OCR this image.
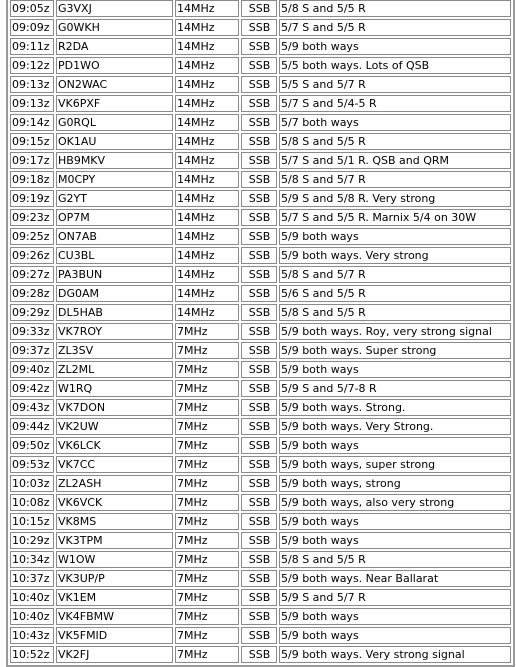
09:05z	G3VXJ	14MHz	SSB	5/8 S and 5/5 R
09:09z	G0WKH	14MHz	SSB	5/7 S and 5/5 R
09:11z	R2DA	14MHz	SSB	5/9 both ways
09:12z	PD1WO	14MHz	SSB	5/5 both ways. Lots of QSB
09:13z	ON2WAC	14MHz	SSB	5/5 S and 5/7 R
09:13z	VK6PXF	14MHz	SSB	5/7 S and 5/4-5 R
09:14z	G0RQL	14MHz	SSB	5/7 both ways
09:15z	OK1AU	14MHz	SSB	5/8 S and 5/5 R
09:17z	HB9MKV	14MHz	SSB	5/7 S and 5/1 R. QSB and QRM
09:18z	M0CPY	14MHz	SSB	5/8 S and 5/7 R
09:19z	G2YT	14MHz	SSB	5/9 S and 5/8 R. Very strong
09:23z	OP7M	14MHz	SSB	5/7 S and 5/5 R. Marnix 5/4 on 30W
09:25z	ON7AB	14MHz	SSB	5/9 both ways
09:26z	CU3BL	14MHz	SSB	5/9 both ways. Very strong
09:27z	PA3BUN	14MHz	SSB	5/8 S and 5/7 R
09:28z	DG0AM	14MHz	SSB	5/6 S and 5/5 R
09:29z	DL5HAB	14MHz	SSB	5/8 S and 5/5 R
09:33z	VK7ROY	7MHz	SSB	5/9 both ways. Roy, very strong signal
09:37z	ZL3SV	7MHz	SSB	5/9 both ways. Super strong
09:40z	ZL2ML	7MHz	SSB	5/9 both ways
09:42z	W1RQ	7MHz	SSB	5/9 S and 5/7-8 R
09:43z	VK7DON	7MHz	SSB	5/9 both ways. Strong.
09:44z	VK2UW	7MHz	SSB	5/9 both ways. Very Strong.
09:50z	VK6LCK	7MHz	SSB	5/9 both ways
09:53z	VK7CC	7MHz	SSB	5/9 both ways, super strong
10:03z	ZL2ASH	7MHz	SSB	5/9 both ways, strong
10:08z	VK6VCK	7MHz	SSB	5/9 both ways, also very strong
10:15z	VK8MS	7MHz	SSB	5/9 both ways
10:29z	VK3TPM	7MHz	SSB	5/9 both ways
10:34z	W1OW	7MHz	SSB	5/8 S and 5/5 R
10:37z	VK3UP/P	7MHz	SSB	5/9 both ways. Near Ballarat
10:40z	VK1EM	7MHz	SSB	5/9 S and 5/7 R
10:40z	VK4FBMW	7MHz	SSB	5/9 both ways
10:43z	VK5FMID	7MHz	SSB	5/9 both ways
10:52z	VK2FJ	7MHz	SSB	5/9 both ways. Very strong signal
